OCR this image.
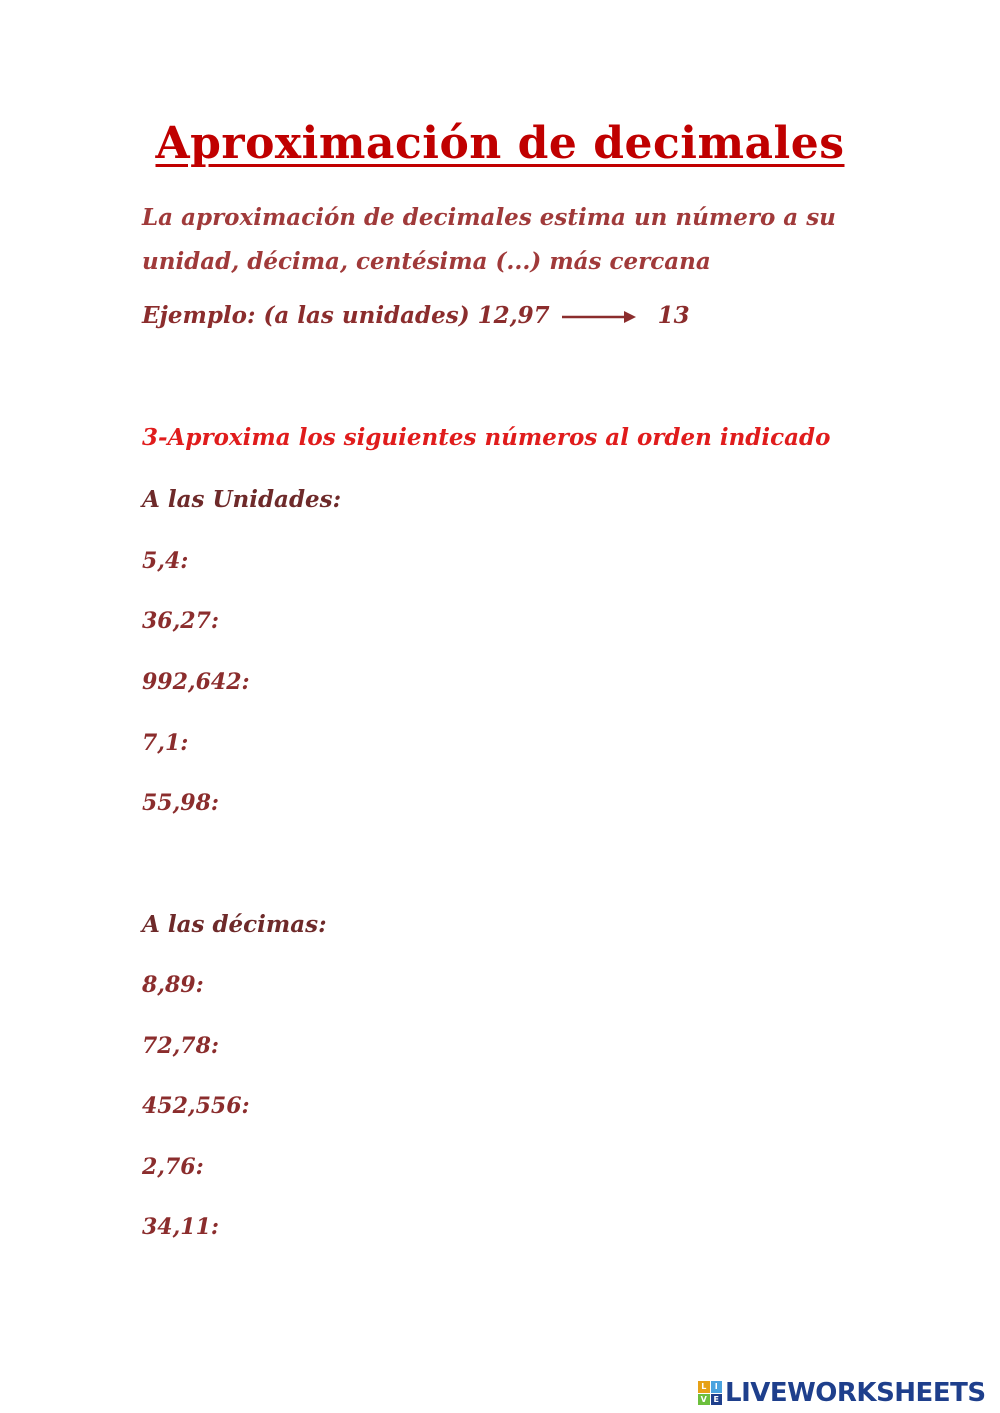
Aproximación de decimales
La aproximación de decimales estima un número a su unidad, décima, centésima (...) más cercana
Ejemplo: (a las unidades) 12,97	13
3-Aproxima los siguientes números al orden indicado
A las Unidades:
5,4:
36,27:
992,642:
7,1:
55,98:
A las décimas:
8,89:
72,78:
452,556:
2,76:
34,11:
L	I
V E LIVEWORKSHEETS
